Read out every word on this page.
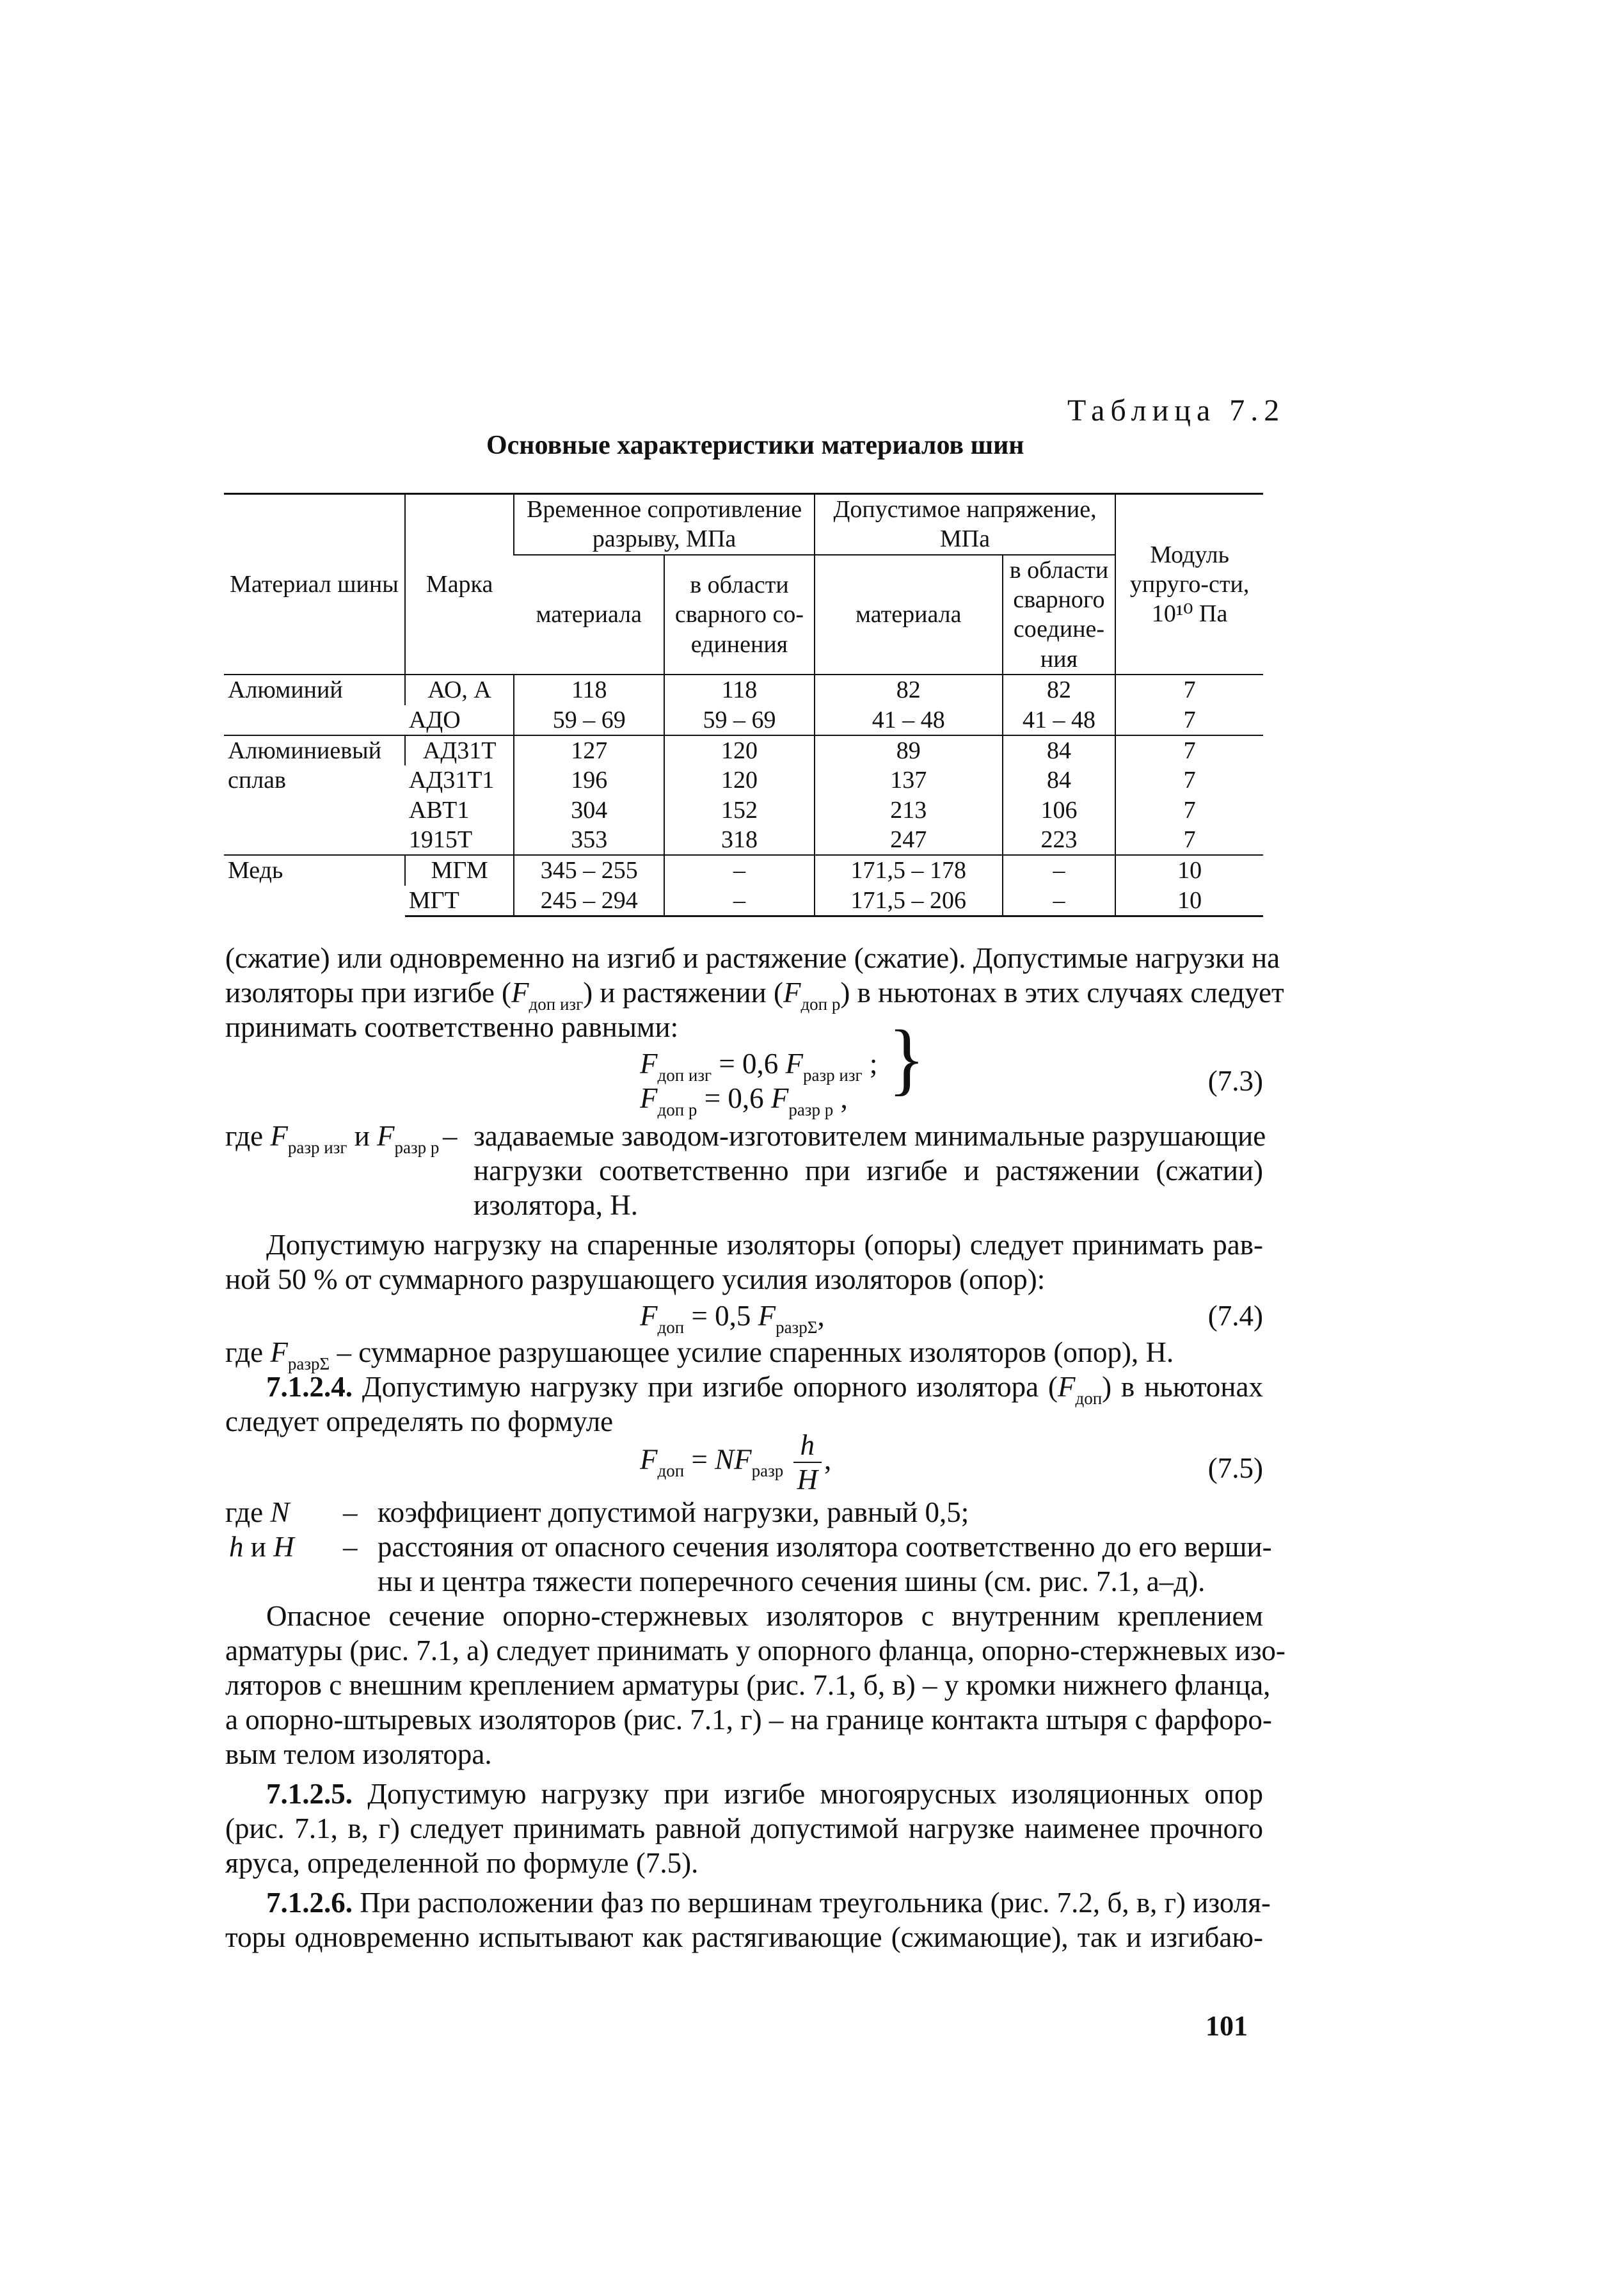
Таблица 7.2
Основные характеристики материалов шин
Материал шины	Марка	Временное сопротивление разрыву, МПа		Допустимое напряжение, МПа		Модуль упруго-сти, 10¹⁰ Па
		материала	в области сварного со-единения	материала	в области сварного соедине-ния	
Алюминий	АО, А	118	118	82	82	7
	АДО	59 – 69	59 – 69	41 – 48	41 – 48	7
Алюминиевый сплав	АД31Т	127	120	89	84	7
	АД31Т1	196	120	137	84	7
	АВТ1	304	152	213	106	7
	1915Т	353	318	247	223	7
Медь	МГМ	345 – 255	–	171,5 – 178	–	10
	МГТ	245 – 294	–	171,5 – 206	–	10
(сжатие) или одновременно на изгиб и растяжение (сжатие). Допустимые нагрузки на
изоляторы при изгибе $(F_{доп изг})$ и растяжении $(F_{доп р})$ в ньютонах в этих случаях следует
принимать соответственно равными:
$F_{доп изг} = 0,6$ $F_{разр изг}$ ;
$F_{доп р} = 0,6$ $F_{разр р}$ , }	(7.3)
где $F_{разр изг}$ и $F_{разр р}$ – задаваемые заводом-изготовителем минимальные разрушающие
нагрузки соответственно при изгибе и растяжении (сжатии)
изолятора, Н.
Допустимую нагрузку на спаренные изоляторы (опоры) следует принимать рав-
ной 50 % от суммарного разрушающего усилия изоляторов (опор):
$F_{доп} = 0,5$ $F_{разр\Sigma}$,	(7.4)
где $F_{разр\Sigma}$ – суммарное разрушающее усилие спаренных изоляторов (опор), Н.
7.1.2.4. Допустимую нагрузку при изгибе опорного изолятора $(F_{доп})$ в ньютонах
следует определять по формуле
$F_{доп} = NF_{разр} \frac{h}{H}$ ,	(7.5)
где N – коэффициент допустимой нагрузки, равный 0,5;
h и H – расстояния от опасного сечения изолятора соответственно до его верши-
ны и центра тяжести поперечного сечения шины (см. рис. 7.1, а–д).
Опасное сечение опорно-стержневых изоляторов с внутренним креплением
арматуры (рис. 7.1, а) следует принимать у опорного фланца, опорно-стержневых изо-
ляторов с внешним креплением арматуры (рис. 7.1, б, в) – у кромки нижнего фланца,
а опорно-штыревых изоляторов (рис. 7.1, г) – на границе контакта штыря с фарфоро-
вым телом изолятора.
7.1.2.5. Допустимую нагрузку при изгибе многоярусных изоляционных опор
(рис. 7.1, в, г) следует принимать равной допустимой нагрузке наименее прочного
яруса, определенной по формуле (7.5).
7.1.2.6. При расположении фаз по вершинам треугольника (рис. 7.2, б, в, г) изоля-
торы одновременно испытывают как растягивающие (сжимающие), так и изгибаю-
101
